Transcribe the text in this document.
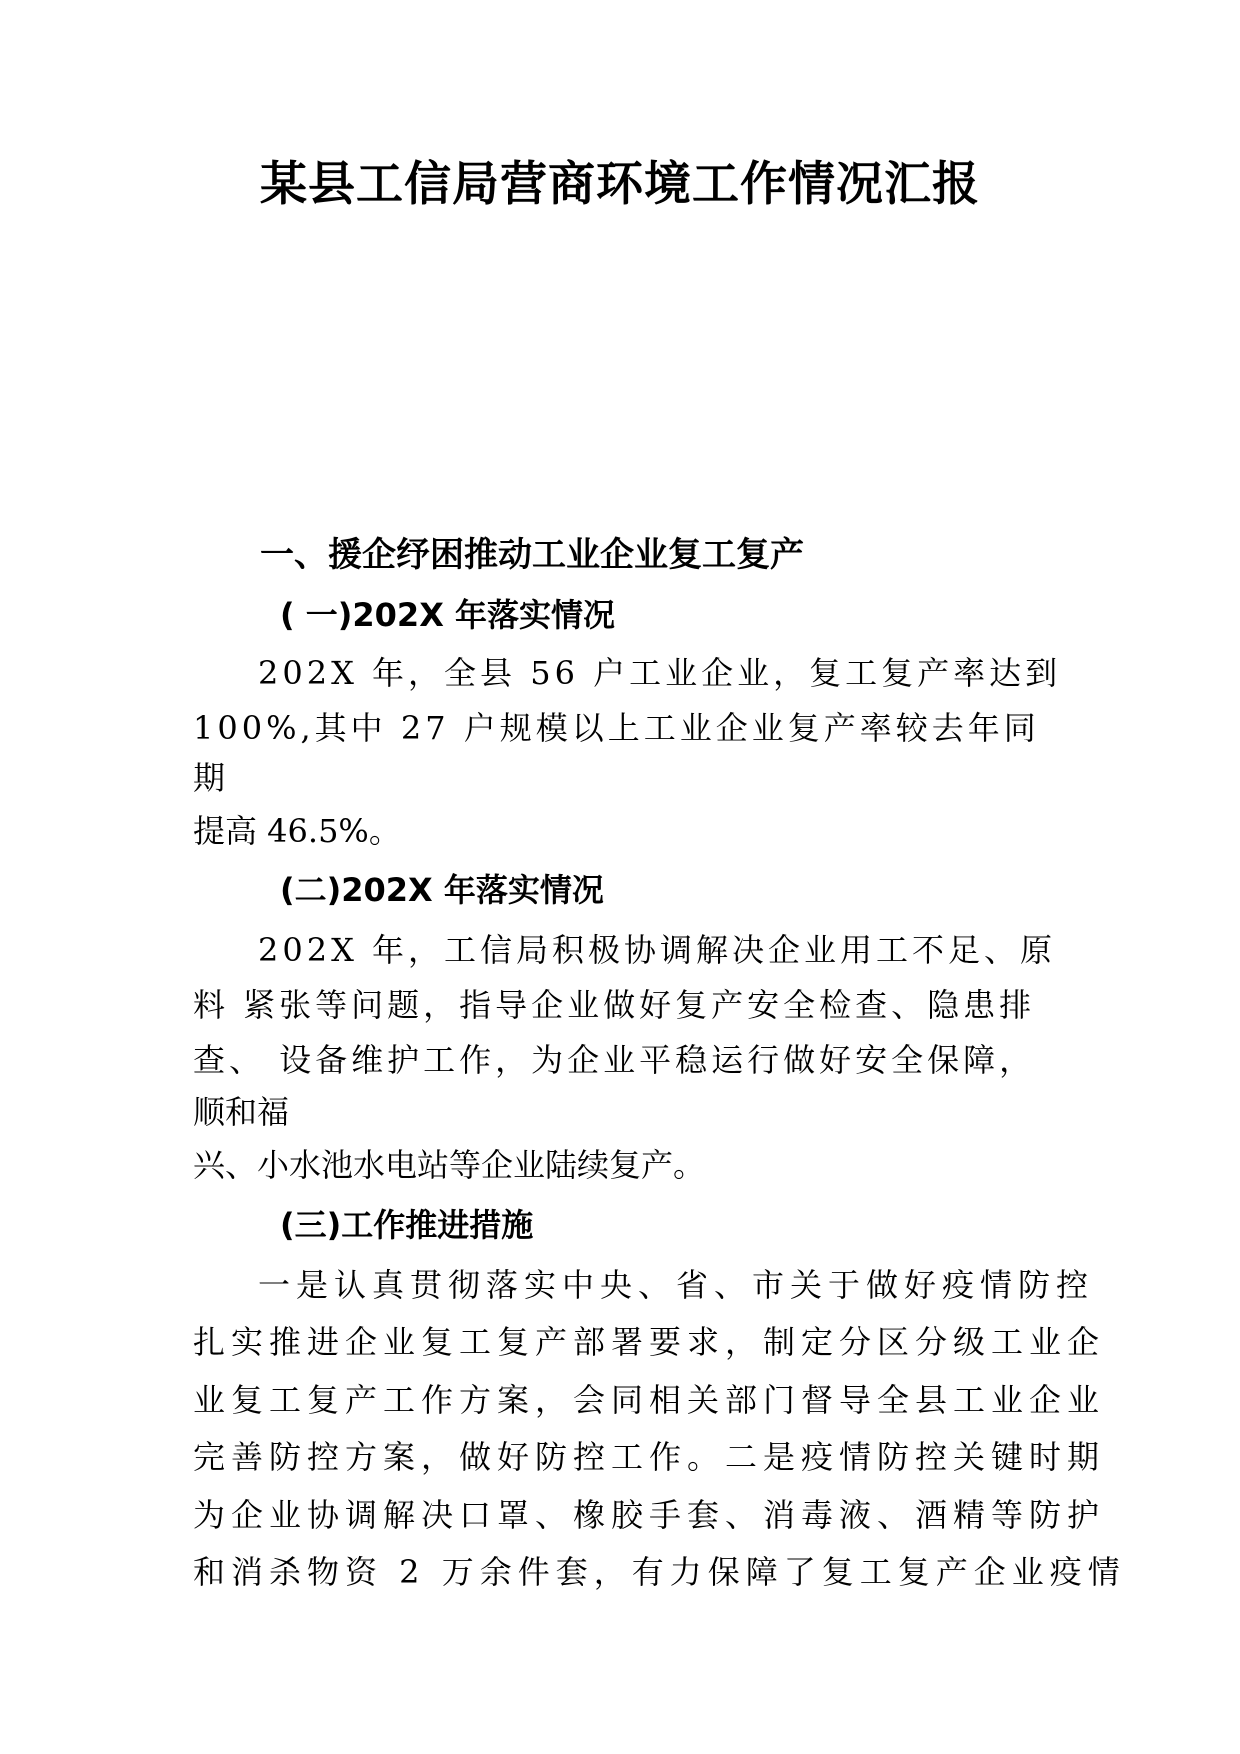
某县工信局营商环境工作情况汇报
一、援企纾困推动工业企业复工复产
( 一)202X 年落实情况

202X 年，全县 56 户工业企业，复工复产率达到

100%,其中 27 户规模以上工业企业复产率较去年同

期

提高 46.5%。

(二)202X 年落实情况

202X 年，工信局积极协调解决企业用工不足、原

料 紧张等问题，指导企业做好复产安全检查、隐患排

查、 设备维护工作，为企业平稳运行做好安全保障，

顺和福

兴、小水池水电站等企业陆续复产。

(三)工作推进措施

一是认真贯彻落实中央、省、市关于做好疫情防控

扎实推进企业复工复产部署要求，制定分区分级工业企

业复工复产工作方案，会同相关部门督导全县工业企业

完善防控方案，做好防控工作。二是疫情防控关键时期

为企业协调解决口罩、橡胶手套、消毒液、酒精等防护

和消杀物资 2 万余件套，有力保障了复工复产企业疫情
